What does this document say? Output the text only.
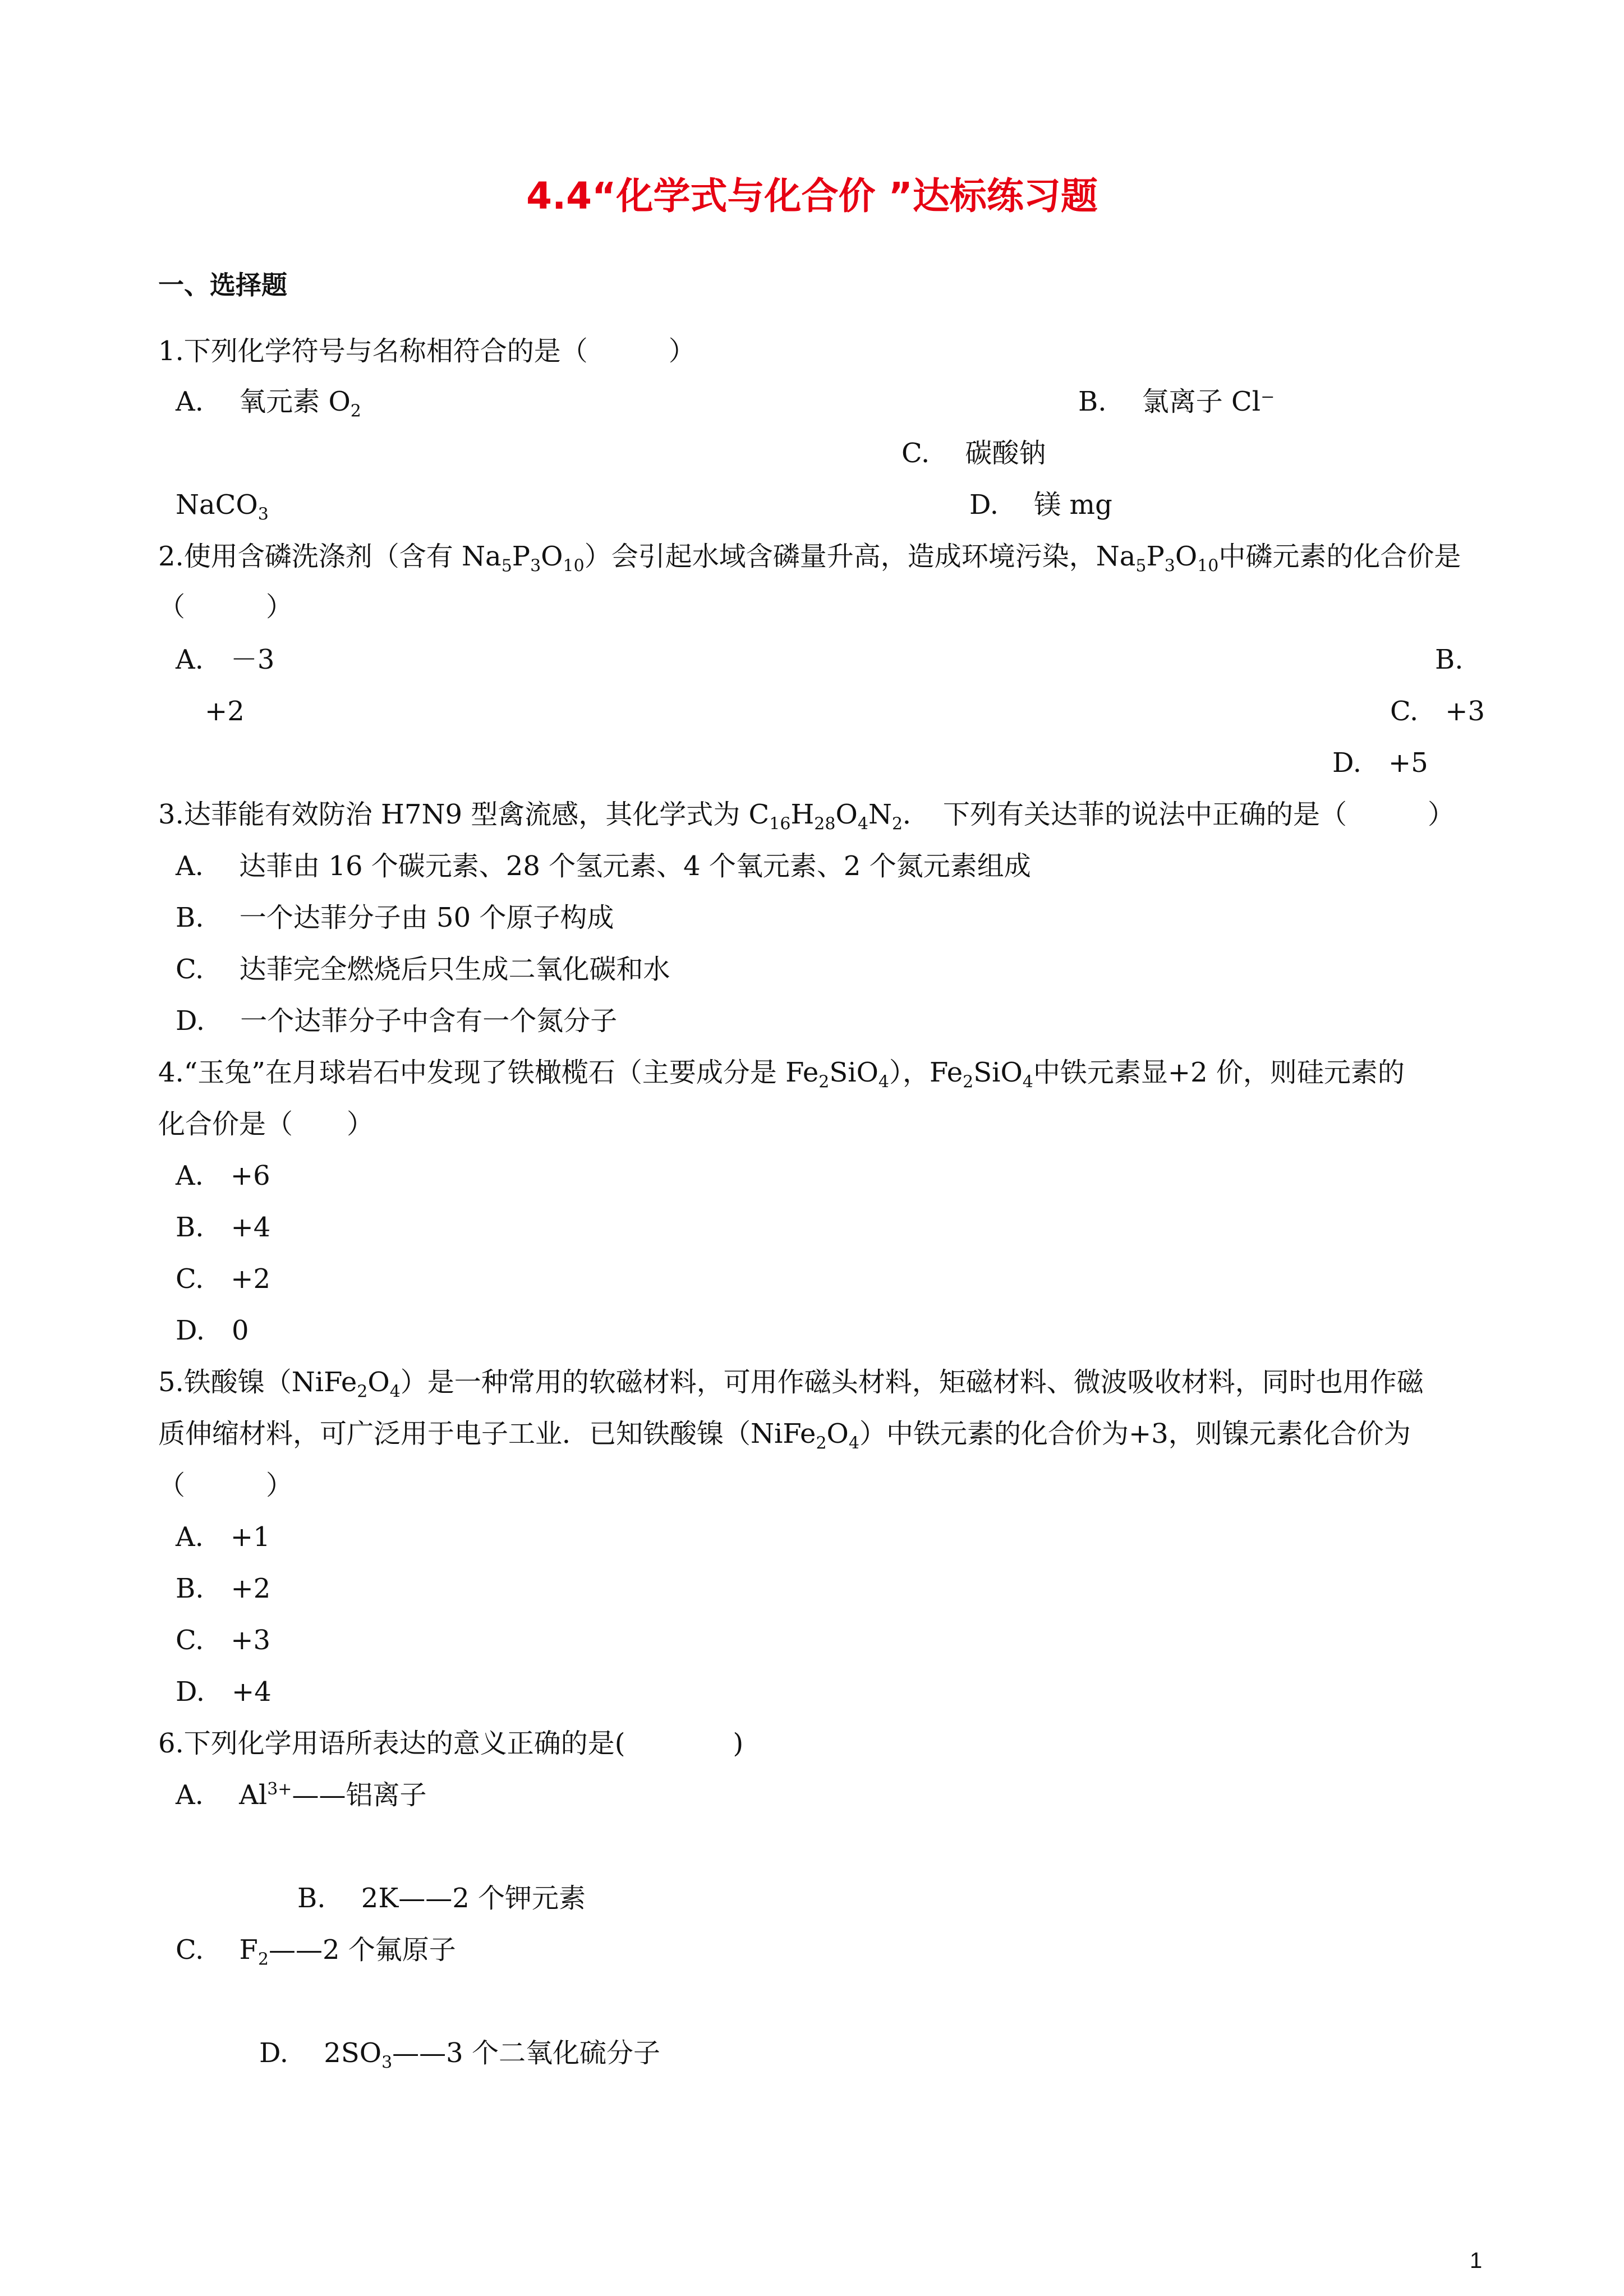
4.4“化学式与化合价 ”达标练习题
一、选择题
1.下列化学符号与名称相符合的是（　　　）
A.　 氧元素 $O_2$	B.　 氯离子 Cl⁻
C.　 碳酸钠
NaCO$_3$	D.　 镁 mg
2.使用含磷洗涤剂（含有 $Na_5P_3O_{10}$）会引起水域含磷量升高，造成环境污染，$Na_5P_3O_{10}$中磷元素的化合价是
（　　　）
A.　－3	B.
+2	C.　+3
D.　+5
3.达菲能有效防治 H7N9 型禽流感，其化学式为 $C_{16}H_{28}O_4N_2$．　下列有关达菲的说法中正确的是（　　　）
A.　 达菲由 16 个碳元素、28 个氢元素、4 个氧元素、2 个氮元素组成
B.　 一个达菲分子由 50 个原子构成
C.　 达菲完全燃烧后只生成二氧化碳和水
D.　 一个达菲分子中含有一个氮分子
4.“玉兔”在月球岩石中发现了铁橄榄石（主要成分是 $Fe_2SiO_4$），$Fe_2SiO_4$中铁元素显+2 价，则硅元素的
化合价是（　　）
A.　+6
B.　+4
C.　+2
D.　0
5.铁酸镍$(NiFe_2O_4)$是一种常用的软磁材料，可用作磁头材料，矩磁材料、微波吸收材料，同时也用作磁
质伸缩材料，可广泛用于电子工业．已知铁酸镍$(NiFe_2O_4)$中铁元素的化合价为+3，则镍元素化合价为
（　　　）
A.　+1
B.　+2
C.　+3
D.　+4
6.下列化学用语所表达的意义正确的是(　　　　)
A.　 $Al^{3+}——$铝离子
B.　 2K——2 个钾元素
C.　 $F_2——2$ 个氟原子
D.　 $2SO_3——3$ 个二氧化硫分子
1
